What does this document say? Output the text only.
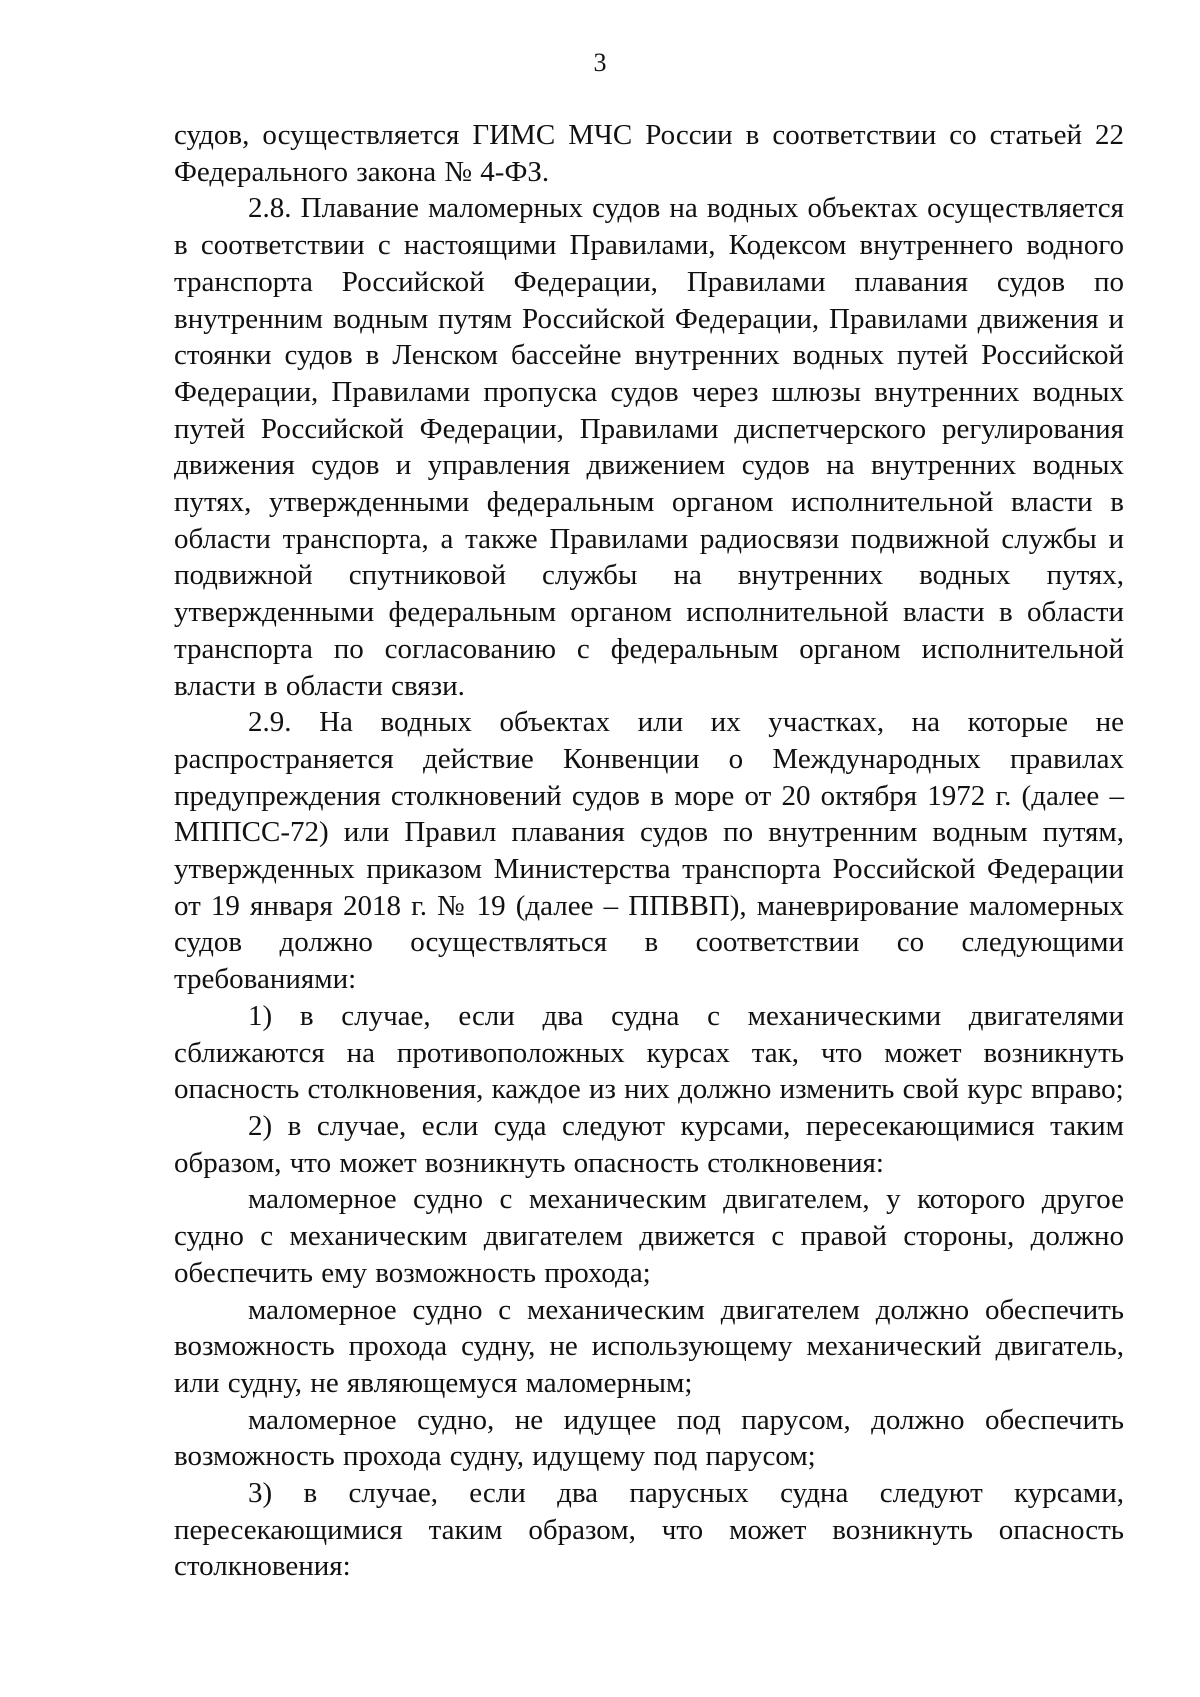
3

судов, осуществляется ГИМС МЧС России в соответствии со статьей 22 Федерального закона № 4-ФЗ.

2.8. Плавание маломерных судов на водных объектах осуществляется в соответствии с настоящими Правилами, Кодексом внутреннего водного транспорта Российской Федерации, Правилами плавания судов по внутренним водным путям Российской Федерации, Правилами движения и стоянки судов в Ленском бассейне внутренних водных путей Российской Федерации, Правилами пропуска судов через шлюзы внутренних водных путей Российской Федерации, Правилами диспетчерского регулирования движения судов и управления движением судов на внутренних водных путях, утвержденными федеральным органом исполнительной власти в области транспорта, а также Правилами радиосвязи подвижной службы и подвижной спутниковой службы на внутренних водных путях, утвержденными федеральным органом исполнительной власти в области транспорта по согласованию с федеральным органом исполнительной власти в области связи.

2.9. На водных объектах или их участках, на которые не распространяется действие Конвенции о Международных правилах предупреждения столкновений судов в море от 20 октября 1972 г. (далее – МППСС-72) или Правил плавания судов по внутренним водным путям, утвержденных приказом Министерства транспорта Российской Федерации от 19 января 2018 г. № 19 (далее – ППВВП), маневрирование маломерных судов должно осуществляться в соответствии со следующими требованиями:

1) в случае, если два судна с механическими двигателями сближаются на противоположных курсах так, что может возникнуть опасность столкновения, каждое из них должно изменить свой курс вправо;

2) в случае, если суда следуют курсами, пересекающимися таким образом, что может возникнуть опасность столкновения:

маломерное судно с механическим двигателем, у которого другое судно с механическим двигателем движется с правой стороны, должно обеспечить ему возможность прохода;

маломерное судно с механическим двигателем должно обеспечить возможность прохода судну, не использующему механический двигатель, или судну, не являющемуся маломерным;

маломерное судно, не идущее под парусом, должно обеспечить возможность прохода судну, идущему под парусом;

3) в случае, если два парусных судна следуют курсами, пересекающимися таким образом, что может возникнуть опасность столкновения:
